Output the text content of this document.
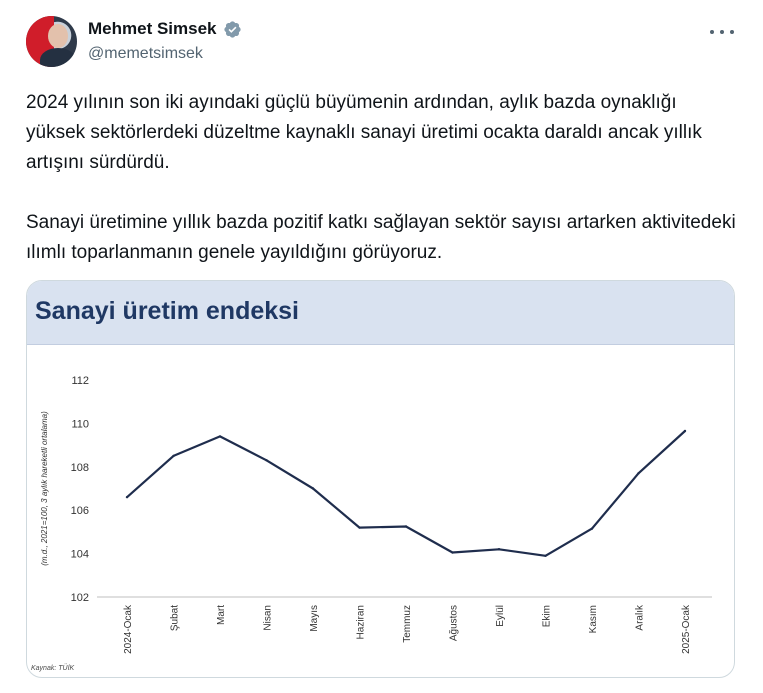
Mehmet Simsek
@memetsimsek

2024 yılının son iki ayındaki güçlü büyümenin ardından, aylık bazda oynaklığı yüksek sektörlerdeki düzeltme kaynaklı sanayi üretimi ocakta daraldı ancak yıllık artışını sürdürdü.

Sanayi üretimine yıllık bazda pozitif katkı sağlayan sektör sayısı artarken aktivitedeki ılımlı toparlanmanın genele yayıldığını görüyoruz.

Sanayi üretim endeksi
102
104
106
108
110
112
(m.d., 2021=100, 3 aylık hareketli ortalama)
2024-Ocak	Şubat	Mart	Nisan	Mayıs	Haziran	Temmuz	Ağustos	Eylül	Ekim	Kasım	Aralık	2025-Ocak
Kaynak: TÜİK
